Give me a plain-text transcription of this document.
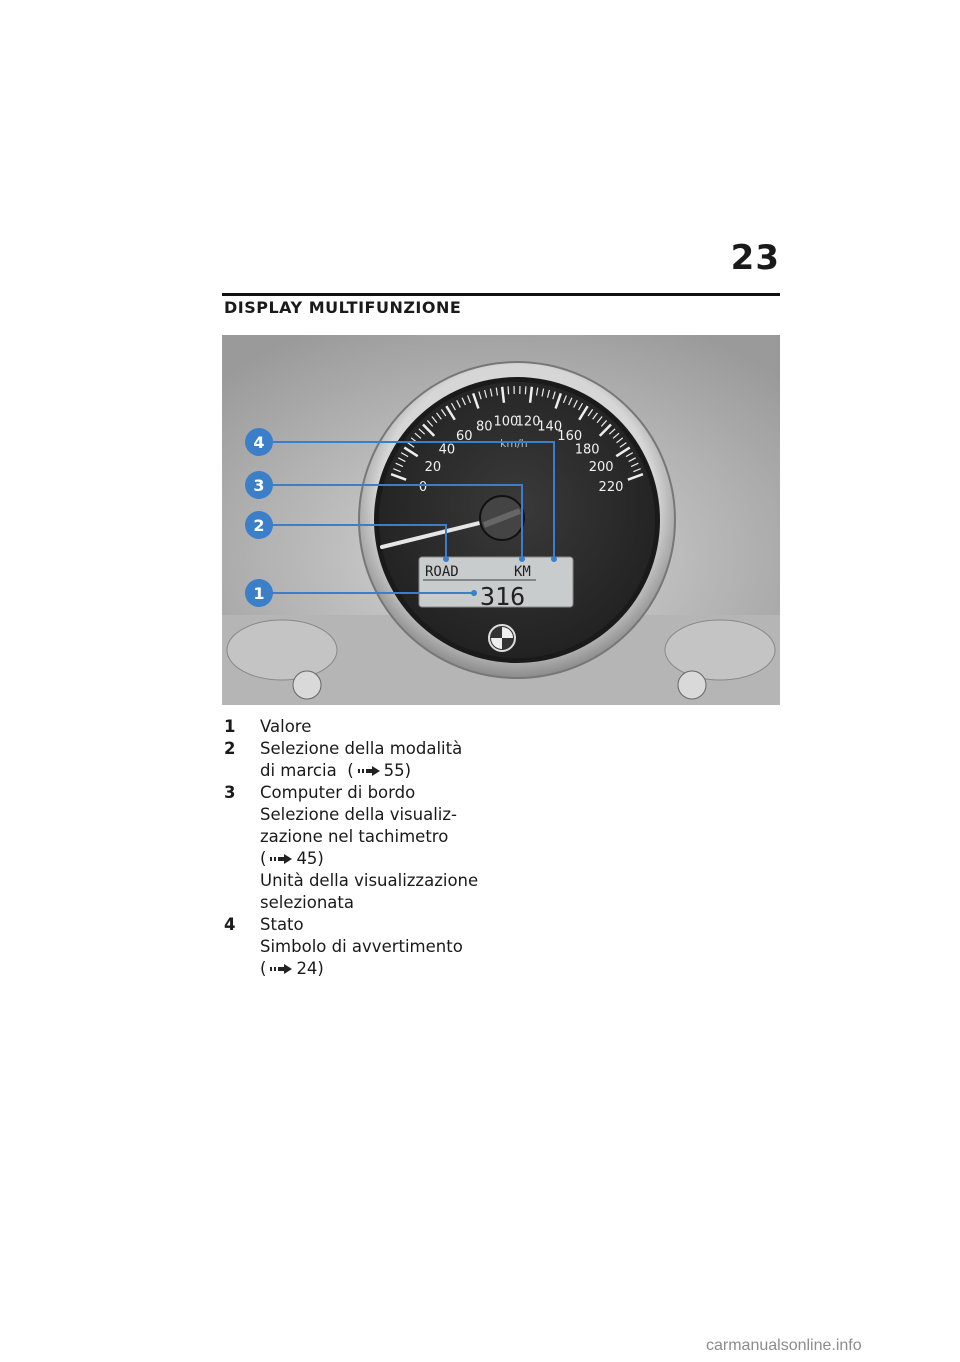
23
DISPLAY MULTIFUNZIONE
0
20
40
60
80 100
120
140
160
180
200
220
km/h
ROAD	KM
316
4
3
2
1
1	Valore
2	Selezione della modalità
di marcia ( 55)
3	Computer di bordo
Selezione della visualiz-
zazione nel tachimetro
( 45)
Unità della visualizzazione
selezionata
4	Stato
Simbolo di avvertimento
( 24)
carmanualsonline.info
